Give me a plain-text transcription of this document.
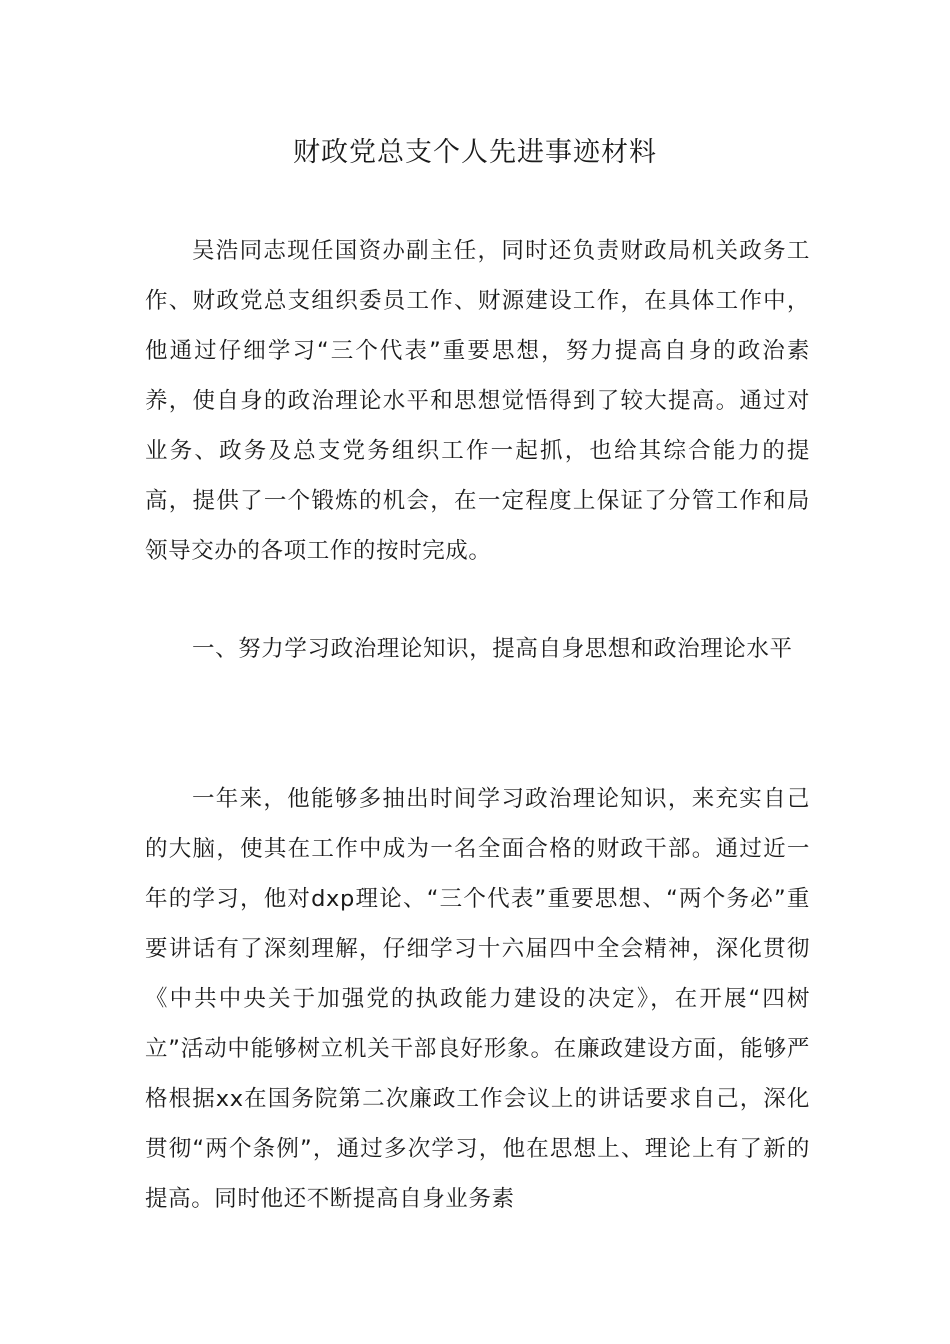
财政党总支个人先进事迹材料

吴浩同志现任国资办副主任，同时还负责财政局机关政务工作、财政党总支组织委员工作、财源建设工作，在具体工作中，他通过仔细学习“三个代表”重要思想，努力提高自身的政治素养，使自身的政治理论水平和思想觉悟得到了较大提高。通过对业务、政务及总支党务组织工作一起抓，也给其综合能力的提高，提供了一个锻炼的机会，在一定程度上保证了分管工作和局领导交办的各项工作的按时完成。

一、努力学习政治理论知识，提高自身思想和政治理论水平

一年来，他能够多抽出时间学习政治理论知识，来充实自己的大脑，使其在工作中成为一名全面合格的财政干部。通过近一年的学习，他对dxp理论、“三个代表”重要思想、“两个务必”重要讲话有了深刻理解，仔细学习十六届四中全会精神，深化贯彻《中共中央关于加强党的执政能力建设的决定》，在开展“四树立”活动中能够树立机关干部良好形象。在廉政建设方面，能够严格根据xx在国务院第二次廉政工作会议上的讲话要求自己，深化贯彻“两个条例”，通过多次学习，他在思想上、理论上有了新的提高。同时他还不断提高自身业务素
